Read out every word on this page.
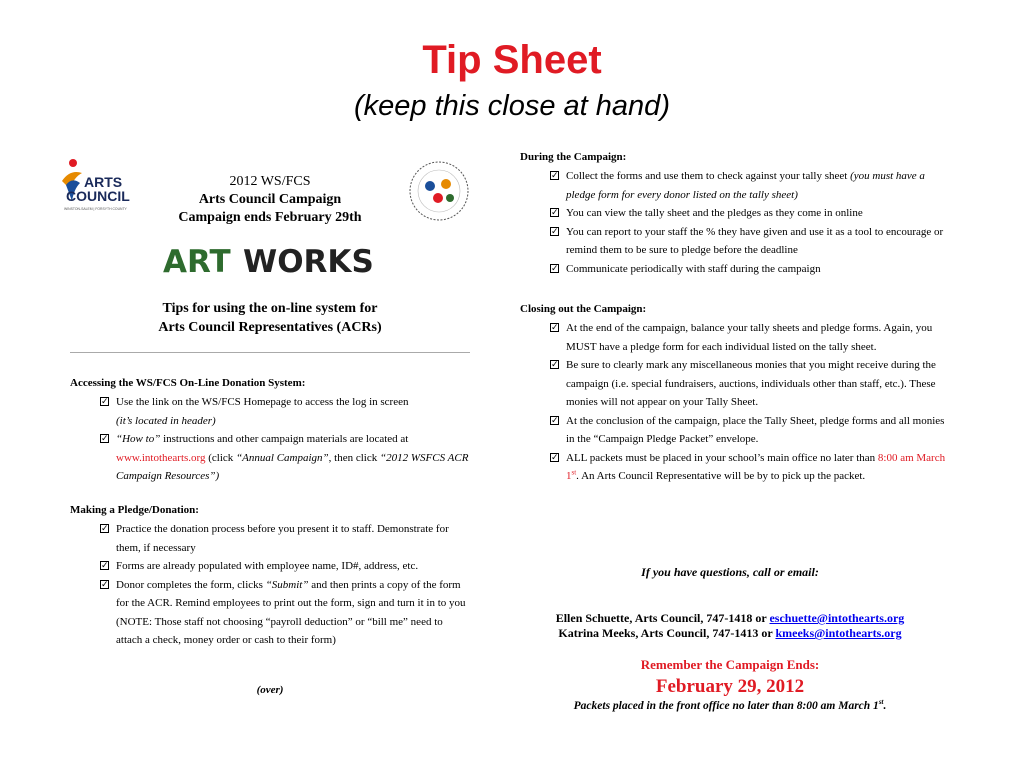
Tip Sheet
(keep this close at hand)
ARTS
COUNCIL
WINSTON-SALEM | FORSYTH COUNTY
2012 WS/FCS
Arts Council Campaign
Campaign ends February 29th
ART WORKS
Tips for using the on-line system for
Arts Council Representatives (ACRs)
Accessing the WS/FCS On-Line Donation System:
✓ Use the link on the WS/FCS Homepage to access the log in screen
(it’s located in header)
✓ “How to” instructions and other campaign materials are located at
www.intothearts.org (click “Annual Campaign”, then click “2012 WSFCS ACR Campaign Resources”)
Making a Pledge/Donation:
✓ Practice the donation process before you present it to staff. Demonstrate for them, if necessary
✓ Forms are already populated with employee name, ID#, address, etc.
✓ Donor completes the form, clicks “Submit” and then prints a copy of the form for the ACR. Remind employees to print out the form, sign and turn it in to you (NOTE: Those staff not choosing “payroll deduction” or “bill me” need to attach a check, money order or cash to their form)
(over)
During the Campaign:
✓ Collect the forms and use them to check against your tally sheet (you must have a pledge form for every donor listed on the tally sheet)
✓ You can view the tally sheet and the pledges as they come in online
✓ You can report to your staff the % they have given and use it as a tool to encourage or remind them to be sure to pledge before the deadline
✓ Communicate periodically with staff during the campaign
Closing out the Campaign:
✓ At the end of the campaign, balance your tally sheets and pledge forms. Again, you MUST have a pledge form for each individual listed on the tally sheet.
✓ Be sure to clearly mark any miscellaneous monies that you might receive during the campaign (i.e. special fundraisers, auctions, individuals other than staff, etc.). These monies will not appear on your Tally Sheet.
✓ At the conclusion of the campaign, place the Tally Sheet, pledge forms and all monies in the “Campaign Pledge Packet” envelope.
✓ ALL packets must be placed in your school’s main office no later than 8:00 am March 1st. An Arts Council Representative will be by to pick up the packet.
If you have questions, call or email:
Ellen Schuette, Arts Council, 747-1418 or eschuette@intothearts.org
Katrina Meeks, Arts Council, 747-1413 or kmeeks@intothearts.org
Remember the Campaign Ends:
February 29, 2012
Packets placed in the front office no later than 8:00 am March 1st.
